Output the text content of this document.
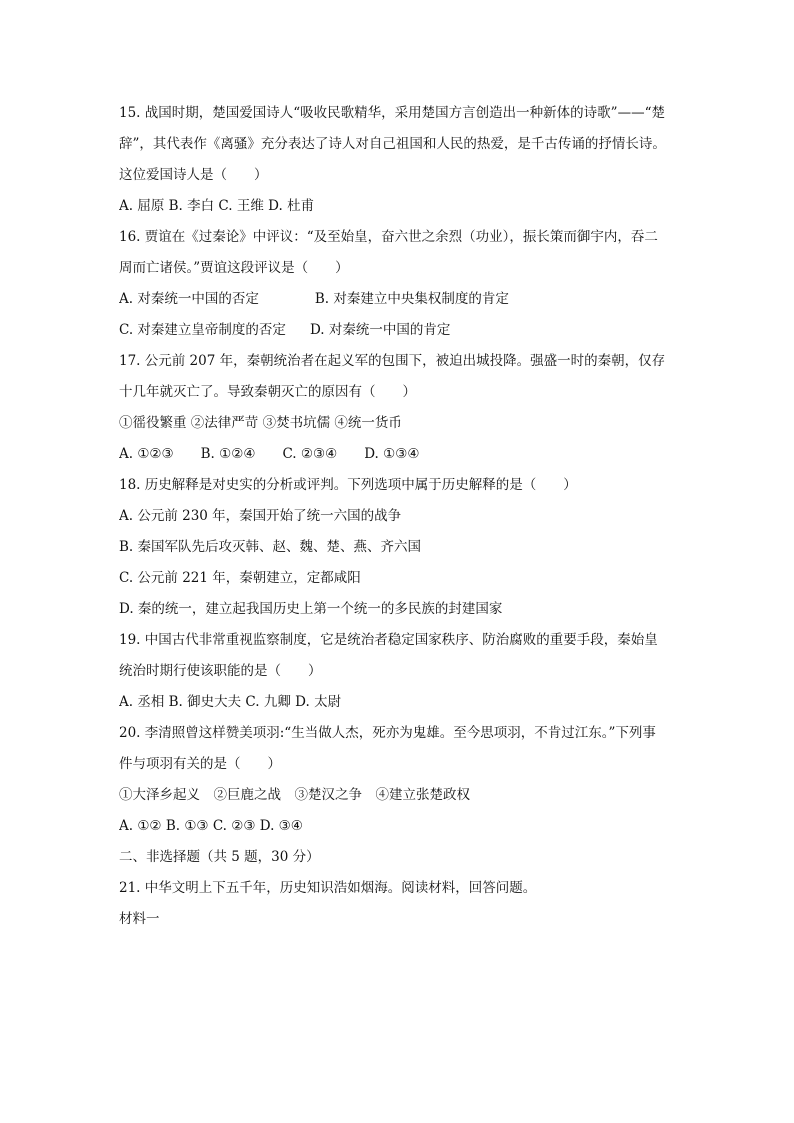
15. 战国时期，楚国爱国诗人“吸收民歌精华，采用楚国方言创造出一种新体的诗歌”——“楚
辞”，其代表作《离骚》充分表达了诗人对自己祖国和人民的热爱，是千古传诵的抒情长诗。
这位爱国诗人是（　　）
A. 屈原 B. 李白 C. 王维 D. 杜甫
16. 贾谊在《过秦论》中评议：“及至始皇，奋六世之余烈（功业），振长策而御宇内，吞二
周而亡诸侯。”贾谊这段评议是（　　）
A. 对秦统一中国的否定	B. 对秦建立中央集权制度的肯定
C. 对秦建立皇帝制度的否定 D. 对秦统一中国的肯定
17. 公元前 207 年，秦朝统治者在起义军的包围下，被迫出城投降。强盛一时的秦朝，仅存
十几年就灭亡了。导致秦朝灭亡的原因有（　　）
①徭役繁重 ②法律严苛 ③焚书坑儒 ④统一货币
A. ①②③　　B. ①②④　　C. ②③④　　D. ①③④
18. 历史解释是对史实的分析或评判。下列选项中属于历史解释的是（　　）
A. 公元前 230 年，秦国开始了统一六国的战争
B. 秦国军队先后攻灭韩、赵、魏、楚、燕、齐六国
C. 公元前 221 年，秦朝建立，定都咸阳
D. 秦的统一，建立起我国历史上第一个统一的多民族的封建国家
19. 中国古代非常重视监察制度，它是统治者稳定国家秩序、防治腐败的重要手段，秦始皇
统治时期行使该职能的是（　　）
A. 丞相 B. 御史大夫 C. 九卿 D. 太尉
20. 李清照曾这样赞美项羽:“生当做人杰，死亦为鬼雄。至今思项羽，不肯过江东。”下列事
件与项羽有关的是（　　）
①大泽乡起义　②巨鹿之战　③楚汉之争　④建立张楚政权
A. ①② B. ①③ C. ②③ D. ③④
二、非选择题（共 5 题，30 分）
21. 中华文明上下五千年，历史知识浩如烟海。阅读材料，回答问题。
材料一
